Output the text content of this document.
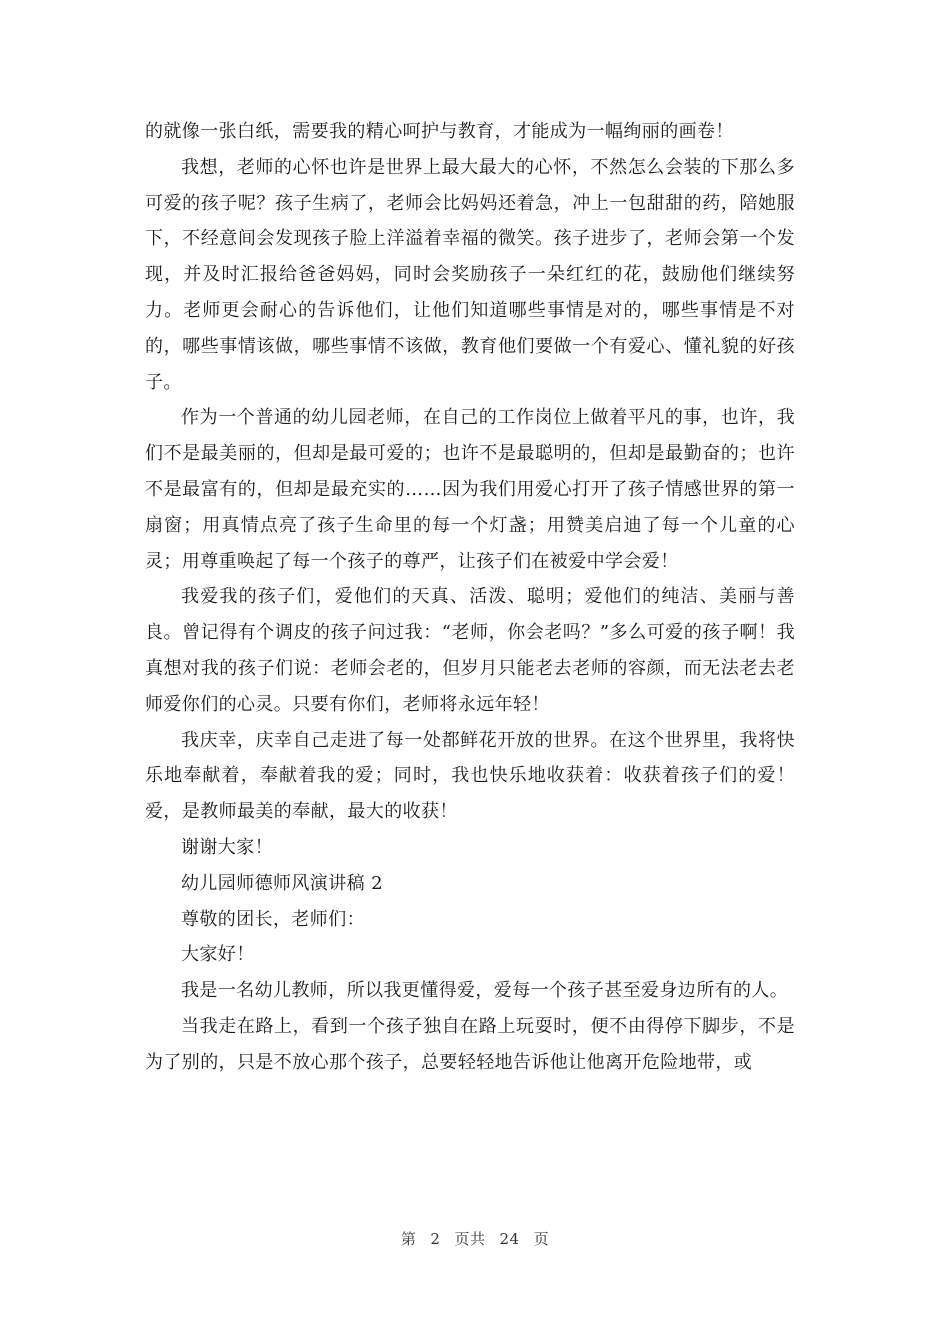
的就像一张白纸，需要我的精心呵护与教育，才能成为一幅绚丽的画卷！

我想，老师的心怀也许是世界上最大最大的心怀，不然怎么会装的下那么多可爱的孩子呢？孩子生病了，老师会比妈妈还着急，冲上一包甜甜的药，陪她服下，不经意间会发现孩子脸上洋溢着幸福的微笑。孩子进步了，老师会第一个发现，并及时汇报给爸爸妈妈，同时会奖励孩子一朵红红的花，鼓励他们继续努力。老师更会耐心的告诉他们，让他们知道哪些事情是对的，哪些事情是不对的，哪些事情该做，哪些事情不该做，教育他们要做一个有爱心、懂礼貌的好孩子。

作为一个普通的幼儿园老师，在自己的工作岗位上做着平凡的事，也许，我们不是最美丽的，但却是最可爱的；也许不是最聪明的，但却是最勤奋的；也许不是最富有的，但却是最充实的……因为我们用爱心打开了孩子情感世界的第一扇窗；用真情点亮了孩子生命里的每一个灯盏；用赞美启迪了每一个儿童的心灵；用尊重唤起了每一个孩子的尊严，让孩子们在被爱中学会爱！

我爱我的孩子们，爱他们的天真、活泼、聪明；爱他们的纯洁、美丽与善良。曾记得有个调皮的孩子问过我：“老师，你会老吗？”多么可爱的孩子啊！我真想对我的孩子们说：老师会老的，但岁月只能老去老师的容颜，而无法老去老师爱你们的心灵。只要有你们，老师将永远年轻！

我庆幸，庆幸自己走进了每一处都鲜花开放的世界。在这个世界里，我将快乐地奉献着，奉献着我的爱；同时，我也快乐地收获着：收获着孩子们的爱！爱，是教师最美的奉献，最大的收获！

谢谢大家！

幼儿园师德师风演讲稿 2

尊敬的团长，老师们：

大家好！

我是一名幼儿教师，所以我更懂得爱，爱每一个孩子甚至爱身边所有的人。

当我走在路上，看到一个孩子独自在路上玩耍时，便不由得停下脚步，不是为了别的，只是不放心那个孩子，总要轻轻地告诉他让他离开危险地带，或

第 2 页共 24 页
